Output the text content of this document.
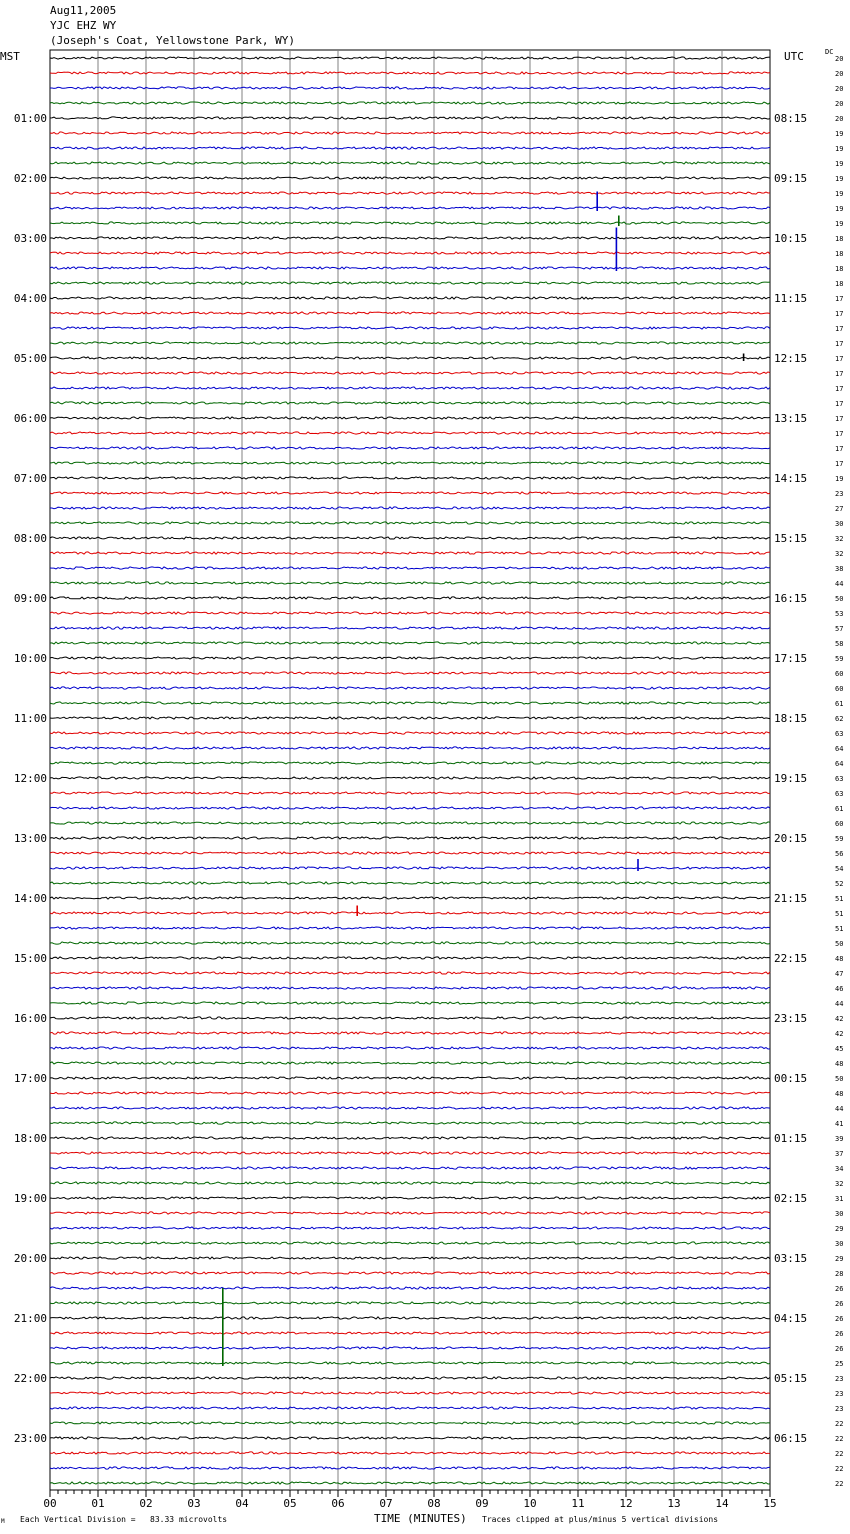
Aug11,2005
YJC EHZ WY
(Joseph's Coat, Yellowstone Park, WY)
MST	UTC	DC
20
20
20
20
20
19
19
19
19
19
19
19
18
18
18
18
17
17
17
17
17
17
17
17
17
17
17
17
19
23
27
30
32
32
38
44
50
53
57
58
59
60
60
61
62
63
64
64
63
63
61
60
59
56
54
52
51
51
51
50
48
47
46
44
42
42
45
48
50
48
44
41
39
37
34
32
31
30
29
30
29
28
26
26
26
26
26
25
23
23
23
22
22
22
22
22
01:00
02:00
03:00
04:00
05:00
06:00
07:00
08:00
09:00
10:00
11:00
12:00
13:00
14:00
15:00
16:00
17:00
18:00
19:00
20:00
21:00
22:00
23:00
08:15
09:15
10:15
11:15
12:15
13:15
14:15
15:15
16:15
17:15
18:15
19:15
20:15
21:15
22:15
23:15
00:15
01:15
02:15
03:15
04:15
05:15
06:15
00	01	02	03	04	05	06	07	08	09	10	11	12	13	14	15
M Each Vertical Division =   83.33 microvolts	TIME (MINUTES) Traces clipped at plus/minus 5 vertical divisions
